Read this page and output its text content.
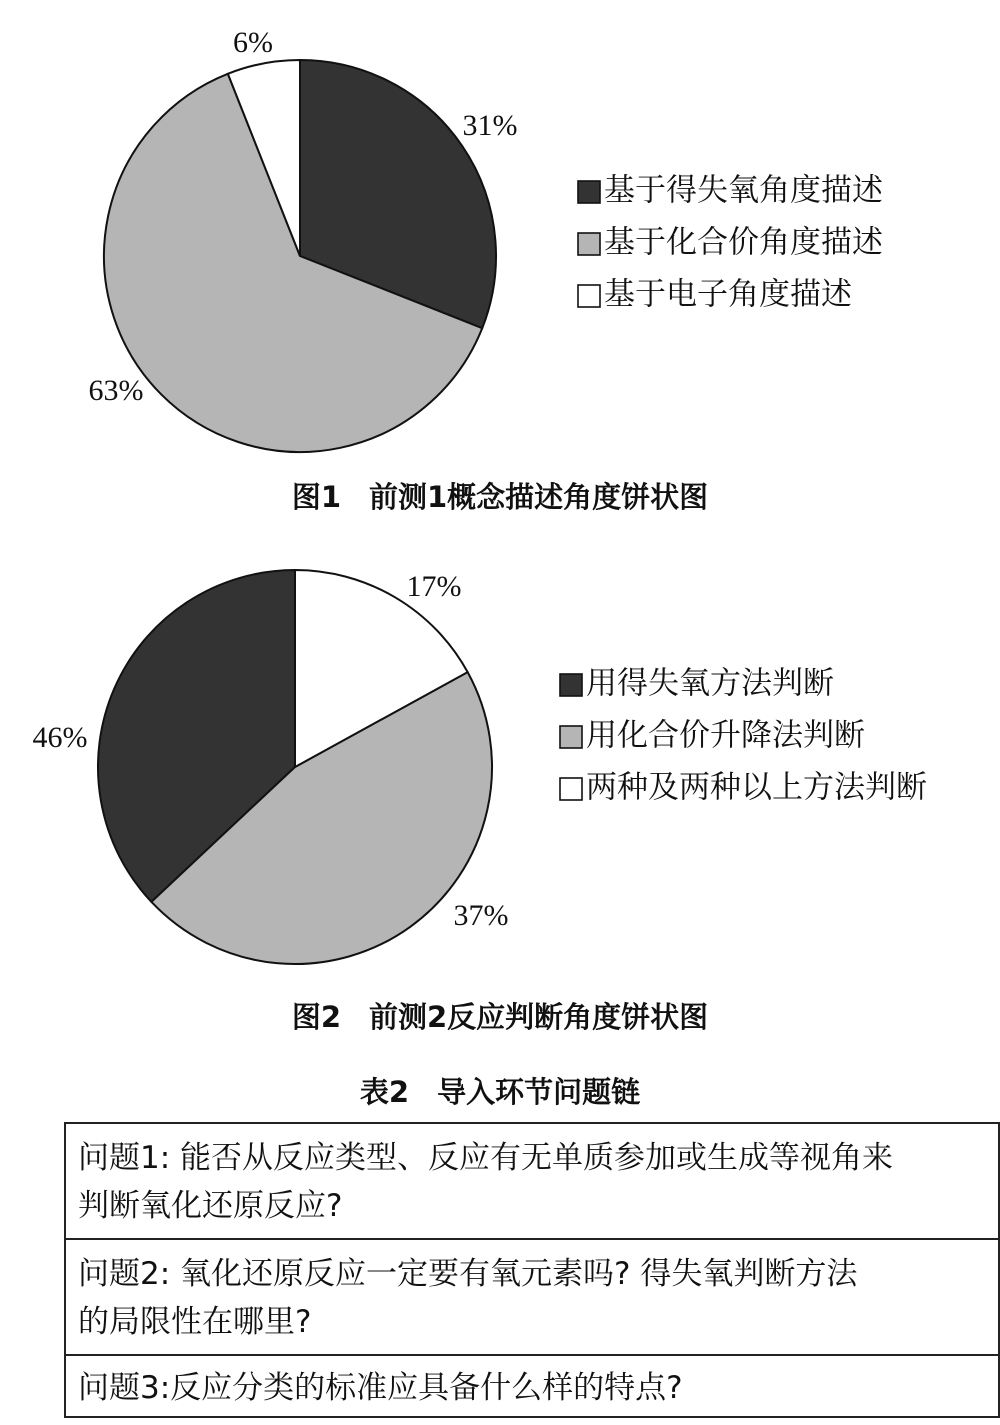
31%
63%
6%
基于得失氧角度描述
基于化合价角度描述
基于电子角度描述
图1 前测1概念描述角度饼状图
37%
46%
17%
用得失氧方法判断
用化合价升降法判断
两种及两种以上方法判断
图2 前测2反应判断角度饼状图
表2 导入环节问题链
问题1: 能否从反应类型、反应有无单质参加或生成等视角来
判断氧化还原反应?

问题2: 氧化还原反应一定要有氧元素吗? 得失氧判断方法
的局限性在哪里?

问题3:反应分类的标准应具备什么样的特点?
